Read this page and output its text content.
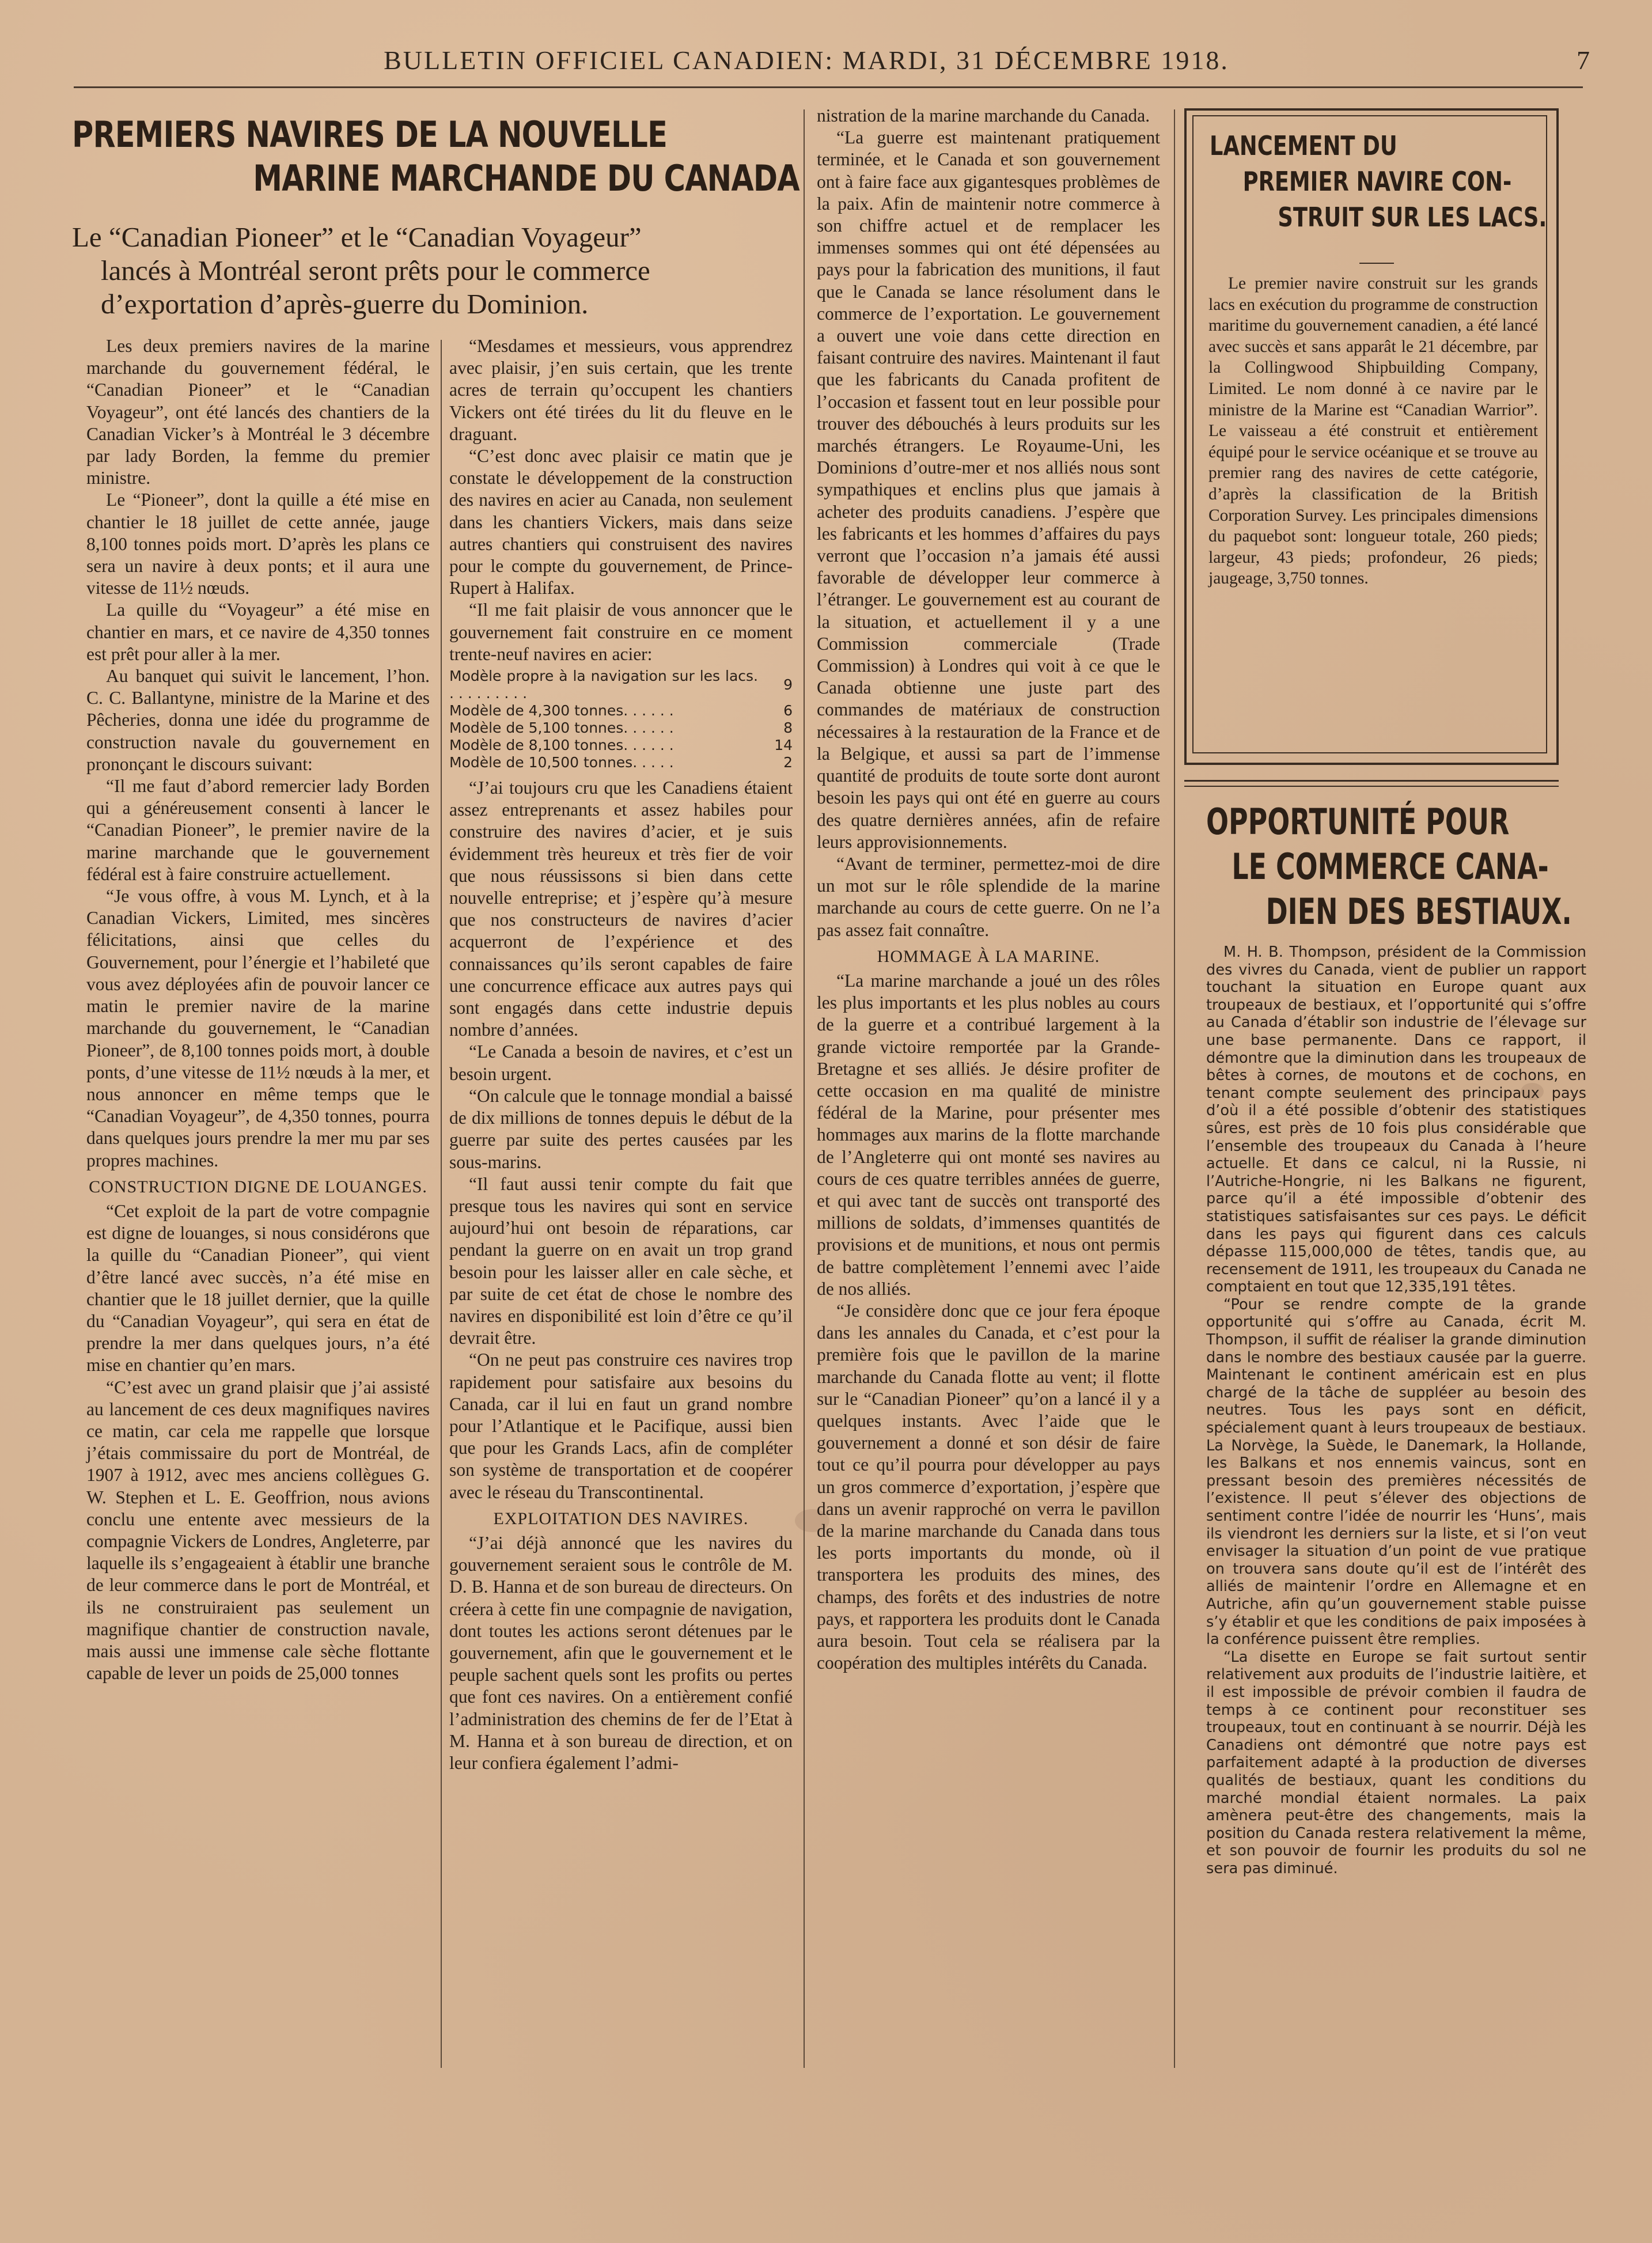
BULLETIN OFFICIEL CANADIEN: MARDI, 31 DÉCEMBRE 1918.	7
PREMIERS NAVIRES DE LA NOUVELLE
MARINE MARCHANDE DU CANADA
Le “Canadian Pioneer” et le “Canadian Voyageur”
lancés à Montréal seront prêts pour le commerce
d’exportation d’après-guerre du Dominion.

Les deux premiers navires de la marine marchande du gouvernement fédéral, le “Canadian Pioneer” et le “Canadian Voyageur”, ont été lancés des chantiers de la Canadian Vicker’s à Montréal le 3 décembre par lady Borden, la femme du premier ministre.

Le “Pioneer”, dont la quille a été mise en chantier le 18 juillet de cette année, jauge 8,100 tonnes poids mort. D’après les plans ce sera un navire à deux ponts; et il aura une vitesse de 11½ nœuds.

La quille du “Voyageur” a été mise en chantier en mars, et ce navire de 4,350 tonnes est prêt pour aller à la mer.

Au banquet qui suivit le lancement, l’hon. C. C. Ballantyne, ministre de la Marine et des Pêcheries, donna une idée du programme de construction navale du gouvernement en prononçant le discours suivant:

“Il me faut d’abord remercier lady Borden qui a généreusement consenti à lancer le “Canadian Pioneer”, le premier navire de la marine marchande que le gouvernement fédéral est à faire construire actuellement.

“Je vous offre, à vous M. Lynch, et à la Canadian Vickers, Limited, mes sincères félicitations, ainsi que celles du Gouvernement, pour l’énergie et l’habileté que vous avez déployées afin de pouvoir lancer ce matin le premier navire de la marine marchande du gouvernement, le “Canadian Pioneer”, de 8,100 tonnes poids mort, à double ponts, d’une vitesse de 11½ nœuds à la mer, et nous annoncer en même temps que le “Canadian Voyageur”, de 4,350 tonnes, pourra dans quelques jours prendre la mer mu par ses propres machines.

CONSTRUCTION DIGNE DE LOUANGES.

“Cet exploit de la part de votre compagnie est digne de louanges, si nous considérons que la quille du “Canadian Pioneer”, qui vient d’être lancé avec succès, n’a été mise en chantier que le 18 juillet dernier, que la quille du “Canadian Voyageur”, qui sera en état de prendre la mer dans quelques jours, n’a été mise en chantier qu’en mars.

“C’est avec un grand plaisir que j’ai assisté au lancement de ces deux magnifiques navires ce matin, car cela me rappelle que lorsque j’étais commissaire du port de Montréal, de 1907 à 1912, avec mes anciens collègues G. W. Stephen et L. E. Geoffrion, nous avions conclu une entente avec messieurs de la compagnie Vickers de Londres, Angleterre, par laquelle ils s’engageaient à établir une branche de leur commerce dans le port de Montréal, et ils ne construiraient pas seulement un magnifique chantier de construction navale, mais aussi une immense cale sèche flottante capable de lever un poids de 25,000 tonnes

“Mesdames et messieurs, vous apprendrez avec plaisir, j’en suis certain, que les trente acres de terrain qu’occupent les chantiers Vickers ont été tirées du lit du fleuve en le draguant.

“C’est donc avec plaisir ce matin que je constate le développement de la construction des navires en acier au Canada, non seulement dans les chantiers Vickers, mais dans seize autres chantiers qui construisent des navires pour le compte du gouvernement, de Prince-Rupert à Halifax.

“Il me fait plaisir de vous annoncer que le gouvernement fait construire en ce moment trente-neuf navires en acier:

Modèle propre à la navigation sur les lacs. . . . . . . . . .	9
Modèle de 4,300 tonnes. . . . . .	6
Modèle de 5,100 tonnes. . . . . .	8
Modèle de 8,100 tonnes. . . . . .	14
Modèle de 10,500 tonnes. . . . .	2

“J’ai toujours cru que les Canadiens étaient assez entreprenants et assez habiles pour construire des navires d’acier, et je suis évidemment très heureux et très fier de voir que nous réussissons si bien dans cette nouvelle entreprise; et j’espère qu’à mesure que nos constructeurs de navires d’acier acquerront de l’expérience et des connaissances qu’ils seront capables de faire une concurrence efficace aux autres pays qui sont engagés dans cette industrie depuis nombre d’années.

“Le Canada a besoin de navires, et c’est un besoin urgent.

“On calcule que le tonnage mondial a baissé de dix millions de tonnes depuis le début de la guerre par suite des pertes causées par les sous-marins.

“Il faut aussi tenir compte du fait que presque tous les navires qui sont en service aujourd’hui ont besoin de réparations, car pendant la guerre on en avait un trop grand besoin pour les laisser aller en cale sèche, et par suite de cet état de chose le nombre des navires en disponibilité est loin d’être ce qu’il devrait être.

“On ne peut pas construire ces navires trop rapidement pour satisfaire aux besoins du Canada, car il lui en faut un grand nombre pour l’Atlantique et le Pacifique, aussi bien que pour les Grands Lacs, afin de compléter son système de transportation et de coopérer avec le réseau du Transcontinental.

EXPLOITATION DES NAVIRES.

“J’ai déjà annoncé que les navires du gouvernement seraient sous le contrôle de M. D. B. Hanna et de son bureau de directeurs. On créera à cette fin une compagnie de navigation, dont toutes les actions seront détenues par le gouvernement, afin que le gouvernement et le peuple sachent quels sont les profits ou pertes que font ces navires. On a entièrement confié l’administration des chemins de fer de l’Etat à M. Hanna et à son bureau de direction, et on leur confiera également l’admi-

nistration de la marine marchande du Canada.

“La guerre est maintenant pratiquement terminée, et le Canada et son gouvernement ont à faire face aux gigantesques problèmes de la paix. Afin de maintenir notre commerce à son chiffre actuel et de remplacer les immenses sommes qui ont été dépensées au pays pour la fabrication des munitions, il faut que le Canada se lance résolument dans le commerce de l’exportation. Le gouvernement a ouvert une voie dans cette direction en faisant contruire des navires. Maintenant il faut que les fabricants du Canada profitent de l’occasion et fassent tout en leur possible pour trouver des débouchés à leurs produits sur les marchés étrangers. Le Royaume-Uni, les Dominions d’outre-mer et nos alliés nous sont sympathiques et enclins plus que jamais à acheter des produits canadiens. J’espère que les fabricants et les hommes d’affaires du pays verront que l’occasion n’a jamais été aussi favorable de développer leur commerce à l’étranger. Le gouvernement est au courant de la situation, et actuellement il y a une Commission commerciale (Trade Commission) à Londres qui voit à ce que le Canada obtienne une juste part des commandes de matériaux de construction nécessaires à la restauration de la France et de la Belgique, et aussi sa part de l’immense quantité de produits de toute sorte dont auront besoin les pays qui ont été en guerre au cours des quatre dernières années, afin de refaire leurs approvisionnements.

“Avant de terminer, permettez-moi de dire un mot sur le rôle splendide de la marine marchande au cours de cette guerre. On ne l’a pas assez fait connaître.

HOMMAGE À LA MARINE.

“La marine marchande a joué un des rôles les plus importants et les plus nobles au cours de la guerre et a contribué largement à la grande victoire remportée par la Grande-Bretagne et ses alliés. Je désire profiter de cette occasion en ma qualité de ministre fédéral de la Marine, pour présenter mes hommages aux marins de la flotte marchande de l’Angleterre qui ont monté ses navires au cours de ces quatre terribles années de guerre, et qui avec tant de succès ont transporté des millions de soldats, d’immenses quantités de provisions et de munitions, et nous ont permis de battre complètement l’ennemi avec l’aide de nos alliés.

“Je considère donc que ce jour fera époque dans les annales du Canada, et c’est pour la première fois que le pavillon de la marine marchande du Canada flotte au vent; il flotte sur le “Canadian Pioneer” qu’on a lancé il y a quelques instants. Avec l’aide que le gouvernement a donné et son désir de faire tout ce qu’il pourra pour développer au pays un gros commerce d’exportation, j’espère que dans un avenir rapproché on verra le pavillon de la marine marchande du Canada dans tous les ports importants du monde, où il transportera les produits des mines, des champs, des forêts et des industries de notre pays, et rapportera les produits dont le Canada aura besoin. Tout cela se réalisera par la coopération des multiples intérêts du Canada.

LANCEMENT DU
PREMIER NAVIRE CON-
STRUIT SUR LES LACS.

Le premier navire construit sur les grands lacs en exécution du programme de construction maritime du gouvernement canadien, a été lancé avec succès et sans apparât le 21 décembre, par la Collingwood Shipbuilding Company, Limited. Le nom donné à ce navire par le ministre de la Marine est “Canadian Warrior”. Le vaisseau a été construit et entièrement équipé pour le service océanique et se trouve au premier rang des navires de cette catégorie, d’après la classification de la British Corporation Survey. Les principales dimensions du paquebot sont: longueur totale, 260 pieds; largeur, 43 pieds; profondeur, 26 pieds; jaugeage, 3,750 tonnes.

OPPORTUNITÉ POUR
LE COMMERCE CANA-
DIEN DES BESTIAUX.

M. H. B. Thompson, président de la Commission des vivres du Canada, vient de publier un rapport touchant la situation en Europe quant aux troupeaux de bestiaux, et l’opportunité qui s’offre au Canada d’établir son industrie de l’élevage sur une base permanente. Dans ce rapport, il démontre que la diminution dans les troupeaux de bêtes à cornes, de moutons et de cochons, en tenant compte seulement des principaux pays d’où il a été possible d’obtenir des statistiques sûres, est près de 10 fois plus considérable que l’ensemble des troupeaux du Canada à l’heure actuelle. Et dans ce calcul, ni la Russie, ni l’Autriche-Hongrie, ni les Balkans ne figurent, parce qu’il a été impossible d’obtenir des statistiques satisfaisantes sur ces pays. Le déficit dans les pays qui figurent dans ces calculs dépasse 115,000,000 de têtes, tandis que, au recensement de 1911, les troupeaux du Canada ne comptaient en tout que 12,335,191 têtes.

“Pour se rendre compte de la grande opportunité qui s’offre au Canada, écrit M. Thompson, il suffit de réaliser la grande diminution dans le nombre des bestiaux causée par la guerre. Maintenant le continent américain est en plus chargé de la tâche de suppléer au besoin des neutres. Tous les pays sont en déficit, spécialement quant à leurs troupeaux de bestiaux. La Norvège, la Suède, le Danemark, la Hollande, les Balkans et nos ennemis vaincus, sont en pressant besoin des premières nécessités de l’existence. Il peut s’élever des objections de sentiment contre l’idée de nourrir les ‘Huns’, mais ils viendront les derniers sur la liste, et si l’on veut envisager la situation d’un point de vue pratique on trouvera sans doute qu’il est de l’intérêt des alliés de maintenir l’ordre en Allemagne et en Autriche, afin qu’un gouvernement stable puisse s’y établir et que les conditions de paix imposées à la conférence puissent être remplies.

“La disette en Europe se fait surtout sentir relativement aux produits de l’industrie laitière, et il est impossible de prévoir combien il faudra de temps à ce continent pour reconstituer ses troupeaux, tout en continuant à se nourrir. Déjà les Canadiens ont démontré que notre pays est parfaitement adapté à la production de diverses qualités de bestiaux, quant les conditions du marché mondial étaient normales. La paix amènera peut-être des changements, mais la position du Canada restera relativement la même, et son pouvoir de fournir les produits du sol ne sera pas diminué.
